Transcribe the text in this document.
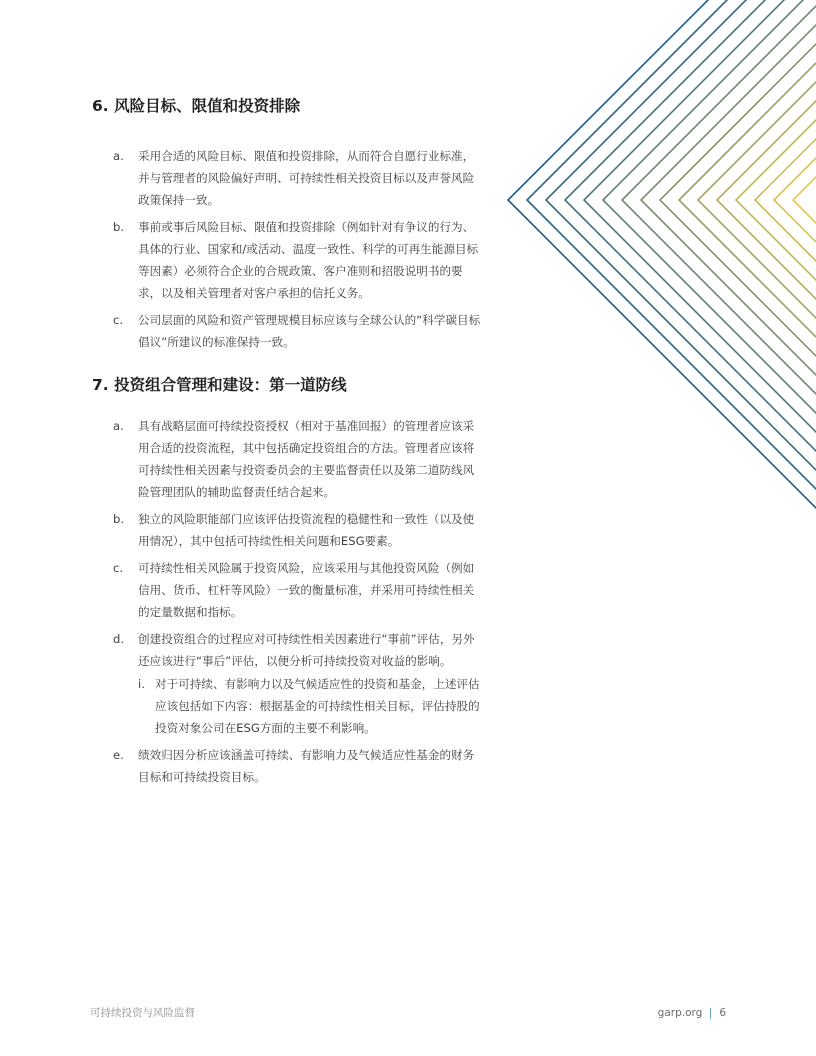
6. 风险目标、限值和投资排除
a. 采用合适的风险目标、限值和投资排除，从而符合自愿行业标准，并与管理者的风险偏好声明、可持续性相关投资目标以及声誉风险政策保持一致。
b. 事前或事后风险目标、限值和投资排除（例如针对有争议的行为、具体的行业、国家和/或活动、温度一致性、科学的可再生能源目标等因素）必须符合企业的合规政策、客户准则和招股说明书的要求，以及相关管理者对客户承担的信托义务。
c. 公司层面的风险和资产管理规模目标应该与全球公认的“科学碳目标倡议”所建议的标准保持一致。
7. 投资组合管理和建设：第一道防线
a. 具有战略层面可持续投资授权（相对于基准回报）的管理者应该采用合适的投资流程，其中包括确定投资组合的方法。管理者应该将可持续性相关因素与投资委员会的主要监督责任以及第二道防线风险管理团队的辅助监督责任结合起来。
b. 独立的风险职能部门应该评估投资流程的稳健性和一致性（以及使用情况），其中包括可持续性相关问题和ESG要素。
c. 可持续性相关风险属于投资风险，应该采用与其他投资风险（例如信用、货币、杠杆等风险）一致的衡量标准，并采用可持续性相关的定量数据和指标。
d. 创建投资组合的过程应对可持续性相关因素进行“事前”评估，另外还应该进行“事后”评估，以便分析可持续投资对收益的影响。
i. 对于可持续、有影响力以及气候适应性的投资和基金，上述评估应该包括如下内容：根据基金的可持续性相关目标，评估持股的投资对象公司在ESG方面的主要不利影响。
e. 绩效归因分析应该涵盖可持续、有影响力及气候适应性基金的财务目标和可持续投资目标。
可持续投资与风险监督	garp.org 6
